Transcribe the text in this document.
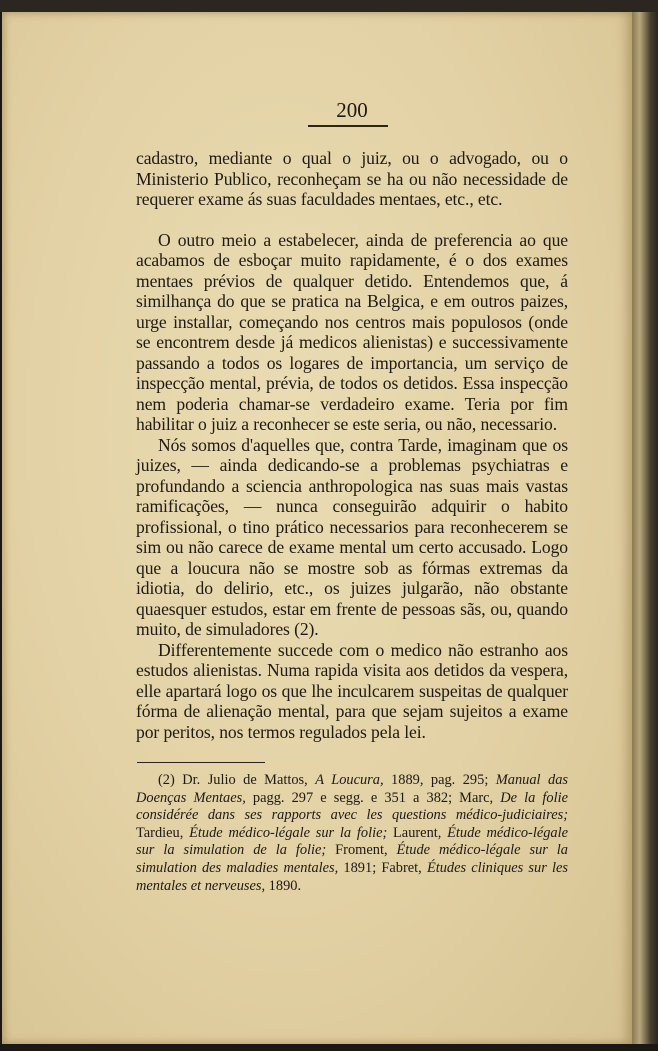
200

cadastro, mediante o qual o juiz, ou o advogado, ou o Ministerio Publico, reconheçam se ha ou não necessidade de requerer exame ás suas faculdades mentaes, etc., etc.

O outro meio a estabelecer, ainda de preferencia ao que acabamos de esboçar muito rapidamente, é o dos exames mentaes prévios de qualquer detido. Entendemos que, á similhança do que se pratica na Belgica, e em outros paizes, urge installar, começando nos centros mais populosos (onde se encontrem desde já medicos alienistas) e successivamente passando a todos os logares de importancia, um serviço de inspecção mental, prévia, de todos os detidos. Essa inspecção nem poderia chamar-se verdadeiro exame. Teria por fim habilitar o juiz a reconhecer se este seria, ou não, necessario.

Nós somos d'aquelles que, contra Tarde, imaginam que os juizes, — ainda dedicando-se a problemas psychiatras e profundando a sciencia anthropologica nas suas mais vastas ramificações, — nunca conseguirão adquirir o habito profissional, o tino prático necessarios para reconhecerem se sim ou não carece de exame mental um certo accusado. Logo que a loucura não se mostre sob as fórmas extremas da idiotia, do delirio, etc., os juizes julgarão, não obstante quaesquer estudos, estar em frente de pessoas sãs, ou, quando muito, de simuladores (2).

Differentemente succede com o medico não estranho aos estudos alienistas. Numa rapida visita aos detidos da vespera, elle apartará logo os que lhe inculcarem suspeitas de qualquer fórma de alienação mental, para que sejam sujeitos a exame por peritos, nos termos regulados pela lei.

(2) Dr. Julio de Mattos, A Loucura, 1889, pag. 295; Manual das Doenças Mentaes, pagg. 297 e segg. e 351 a 382; Marc, De la folie considérée dans ses rapports avec les questions médico-judiciaires; Tardieu, Étude médico-légale sur la folie; Laurent, Étude médico-légale sur la simulation de la folie; Froment, Étude médico-légale sur la simulation des maladies mentales, 1891; Fabret, Études cliniques sur les mentales et nerveuses, 1890.
